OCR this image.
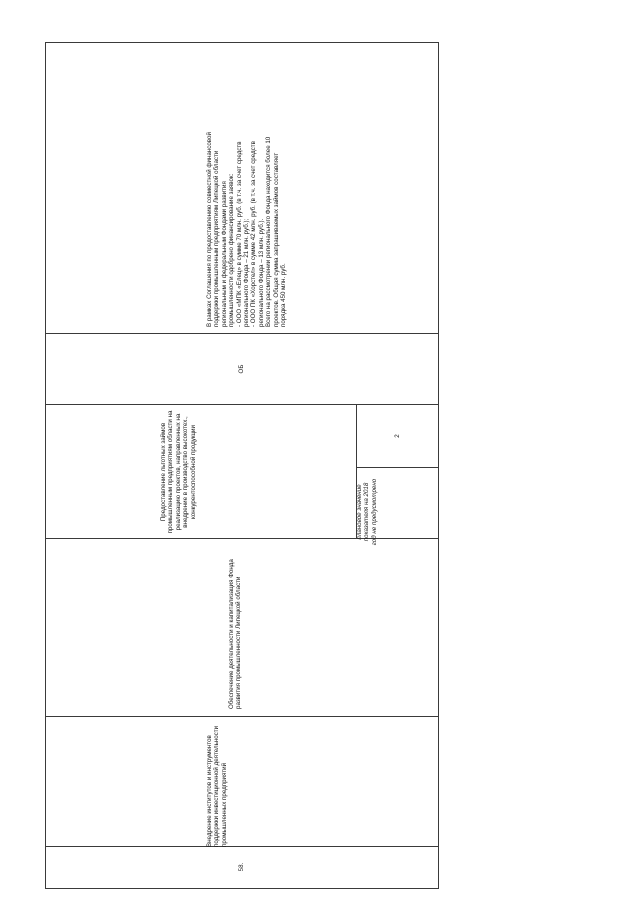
58.
Внедрение институтов и инструментов поддержки инвестиционной деятельности промышленных предприятий
Обеспечение деятельности и капитализация Фонда развития промышленности Липецкой области
Предоставление льготных займов промышленным предприятиям области на реализацию проектов, направленных на внедрение в производство высокотех., конкурентоспособной продукции	плановое значение показателя на 2018 год не предусмотрено
2
ОБ
В рамках Соглашения по предоставлению совместной финансовой поддержки промышленным предприятиям Липецкой области региональным и федеральным Фондами развития промышленности одобрено финансирование заявок: - ООО «МПК «Елец» в сумме 70 млн. руб. (в т.ч. за счет средств регионального Фонда – 21 млн. руб.); - ООО ПК «Хорстел» в сумме 42 млн. руб. (в т.ч. за счет средств регионального Фонда – 13 млн. руб.). Всего на рассмотрении регионального Фонда находится более 10 проектов. Общая сумма запрашиваемых займов составляет порядка 450 млн. руб.
